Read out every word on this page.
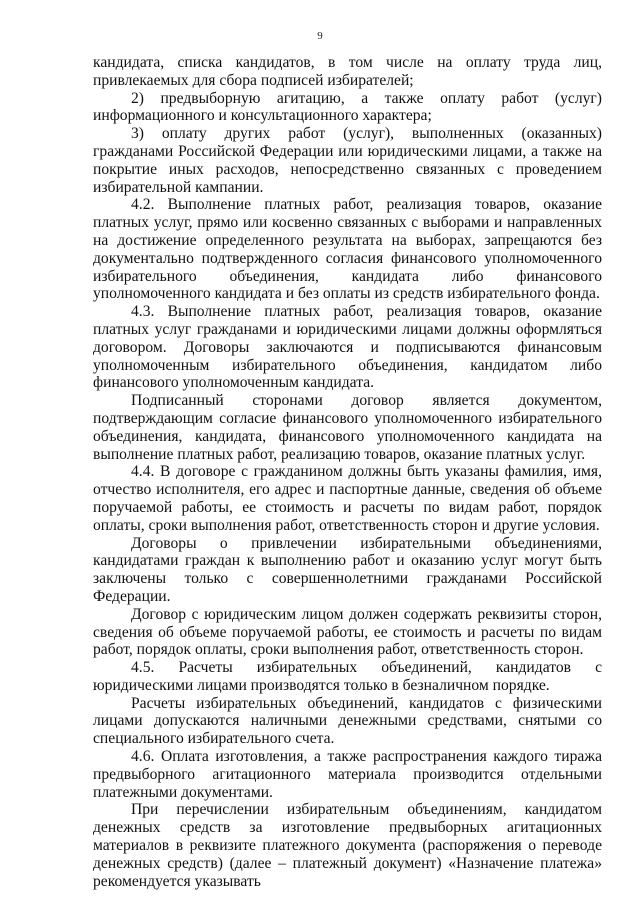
9

кандидата, списка кандидатов, в том числе на оплату труда лиц, привлекаемых для сбора подписей избирателей;

2) предвыборную агитацию, а также оплату работ (услуг) информационного и консультационного характера;

3) оплату других работ (услуг), выполненных (оказанных) гражданами Российской Федерации или юридическими лицами, а также на покрытие иных расходов, непосредственно связанных с проведением избирательной кампании.

4.2. Выполнение платных работ, реализация товаров, оказание платных услуг, прямо или косвенно связанных с выборами и направленных на достижение определенного результата на выборах, запрещаются без документально подтвержденного согласия финансового уполномоченного избирательного объединения, кандидата либо финансового уполномоченного кандидата и без оплаты из средств избирательного фонда.

4.3. Выполнение платных работ, реализация товаров, оказание платных услуг гражданами и юридическими лицами должны оформляться договором. Договоры заключаются и подписываются финансовым уполномоченным избирательного объединения, кандидатом либо финансового уполномоченным кандидата.

Подписанный сторонами договор является документом, подтверждающим согласие финансового уполномоченного избирательного объединения, кандидата, финансового уполномоченного кандидата на выполнение платных работ, реализацию товаров, оказание платных услуг.

4.4. В договоре с гражданином должны быть указаны фамилия, имя, отчество исполнителя, его адрес и паспортные данные, сведения об объеме поручаемой работы, ее стоимость и расчеты по видам работ, порядок оплаты, сроки выполнения работ, ответственность сторон и другие условия.

Договоры о привлечении избирательными объединениями, кандидатами граждан к выполнению работ и оказанию услуг могут быть заключены только с совершеннолетними гражданами Российской Федерации.

Договор с юридическим лицом должен содержать реквизиты сторон, сведения об объеме поручаемой работы, ее стоимость и расчеты по видам работ, порядок оплаты, сроки выполнения работ, ответственность сторон.

4.5. Расчеты избирательных объединений, кандидатов с юридическими лицами производятся только в безналичном порядке.

Расчеты избирательных объединений, кандидатов с физическими лицами допускаются наличными денежными средствами, снятыми со специального избирательного счета.

4.6. Оплата изготовления, а также распространения каждого тиража предвыборного агитационного материала производится отдельными платежными документами.

При перечислении избирательным объединениям, кандидатом денежных средств за изготовление предвыборных агитационных материалов в реквизите платежного документа (распоряжения о переводе денежных средств) (далее – платежный документ) «Назначение платежа» рекомендуется указывать
